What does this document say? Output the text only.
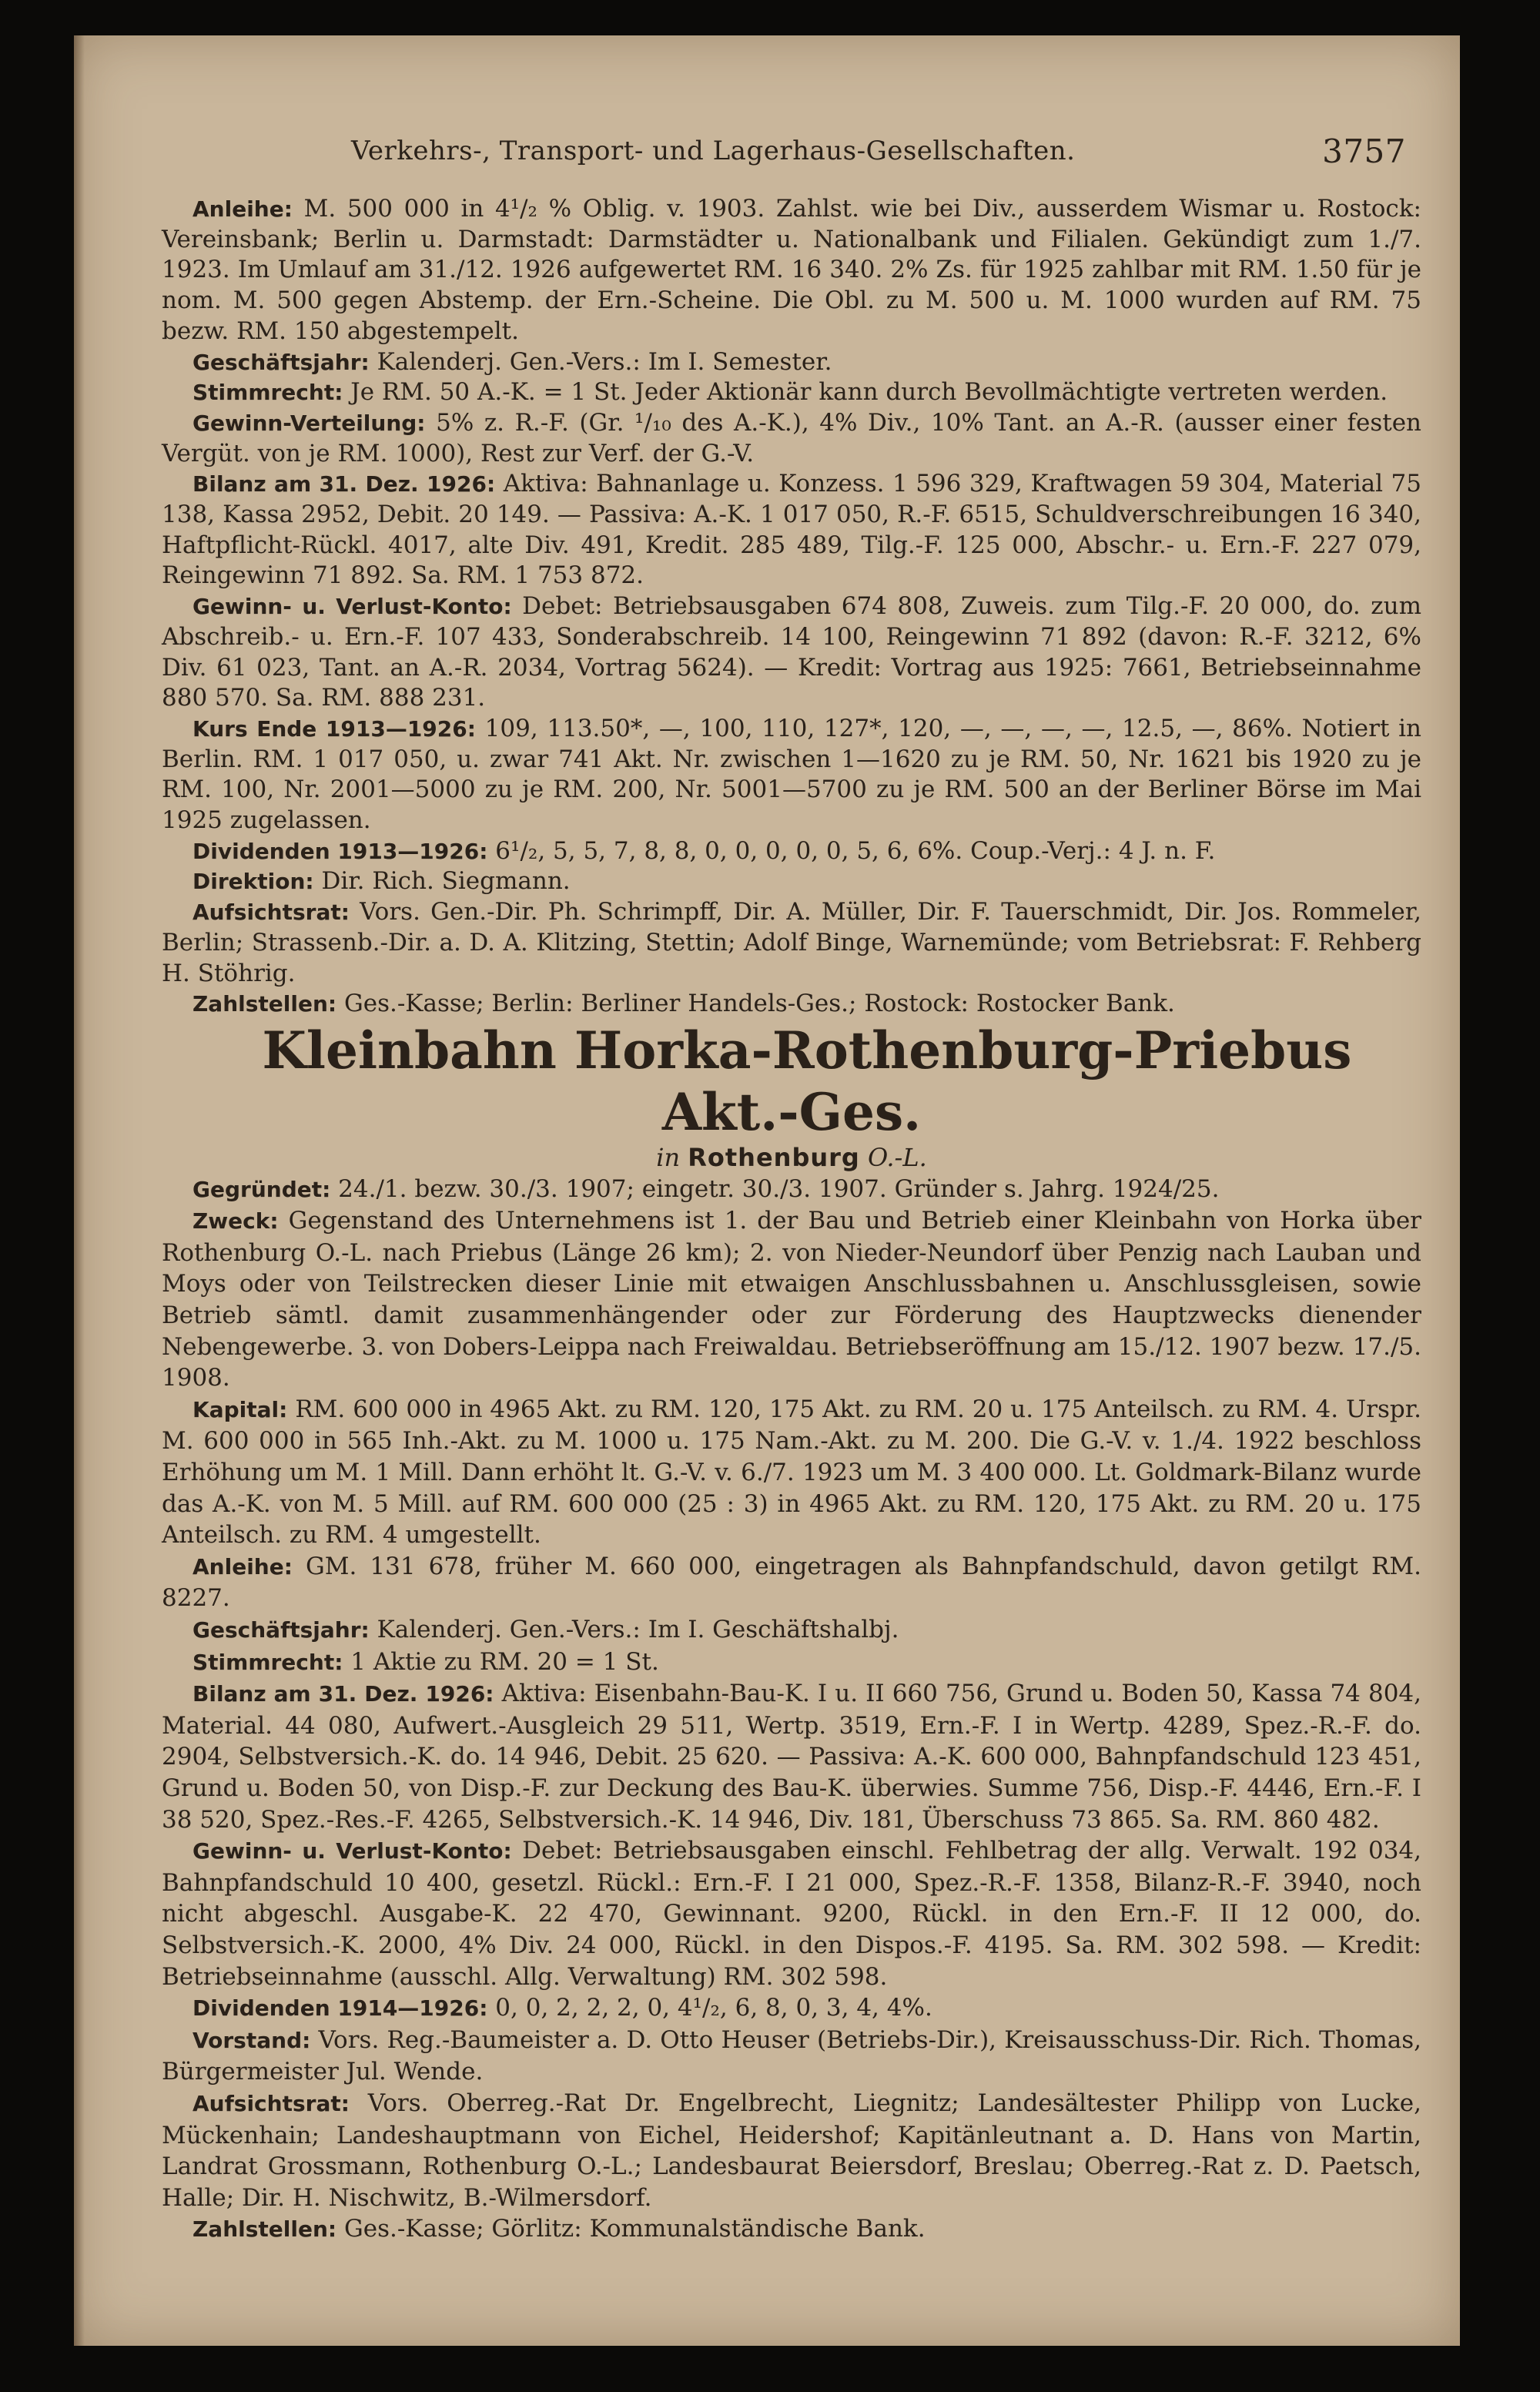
Verkehrs-, Transport- und Lagerhaus-Gesellschaften.	3757

Anleihe: M. 500 000 in 4¹/₂ % Oblig. v. 1903. Zahlst. wie bei Div., ausserdem Wismar u. Rostock: Vereinsbank; Berlin u. Darmstadt: Darmstädter u. Nationalbank und Filialen. Gekündigt zum 1./7. 1923. Im Umlauf am 31./12. 1926 aufgewertet RM. 16 340. 2% Zs. für 1925 zahlbar mit RM. 1.50 für je nom. M. 500 gegen Abstemp. der Ern.-Scheine. Die Obl. zu M. 500 u. M. 1000 wurden auf RM. 75 bezw. RM. 150 abgestempelt.

Geschäftsjahr: Kalenderj. Gen.-Vers.: Im I. Semester.

Stimmrecht: Je RM. 50 A.-K. = 1 St. Jeder Aktionär kann durch Bevollmächtigte vertreten werden.

Gewinn-Verteilung: 5% z. R.-F. (Gr. ¹/₁₀ des A.-K.), 4% Div., 10% Tant. an A.-R. (ausser einer festen Vergüt. von je RM. 1000), Rest zur Verf. der G.-V.

Bilanz am 31. Dez. 1926: Aktiva: Bahnanlage u. Konzess. 1 596 329, Kraftwagen 59 304, Material 75 138, Kassa 2952, Debit. 20 149. — Passiva: A.-K. 1 017 050, R.-F. 6515, Schuldverschreibungen 16 340, Haftpflicht-Rückl. 4017, alte Div. 491, Kredit. 285 489, Tilg.-F. 125 000, Abschr.- u. Ern.-F. 227 079, Reingewinn 71 892. Sa. RM. 1 753 872.

Gewinn- u. Verlust-Konto: Debet: Betriebsausgaben 674 808, Zuweis. zum Tilg.-F. 20 000, do. zum Abschreib.- u. Ern.-F. 107 433, Sonderabschreib. 14 100, Reingewinn 71 892 (davon: R.-F. 3212, 6% Div. 61 023, Tant. an A.-R. 2034, Vortrag 5624). — Kredit: Vortrag aus 1925: 7661, Betriebseinnahme 880 570. Sa. RM. 888 231.

Kurs Ende 1913—1926: 109, 113.50*, —, 100, 110, 127*, 120, —, —, —, —, 12.5, —, 86%. Notiert in Berlin. RM. 1 017 050, u. zwar 741 Akt. Nr. zwischen 1—1620 zu je RM. 50, Nr. 1621 bis 1920 zu je RM. 100, Nr. 2001—5000 zu je RM. 200, Nr. 5001—5700 zu je RM. 500 an der Berliner Börse im Mai 1925 zugelassen.

Dividenden 1913—1926: 6¹/₂, 5, 5, 7, 8, 8, 0, 0, 0, 0, 0, 5, 6, 6%. Coup.-Verj.: 4 J. n. F.

Direktion: Dir. Rich. Siegmann.

Aufsichtsrat: Vors. Gen.-Dir. Ph. Schrimpff, Dir. A. Müller, Dir. F. Tauerschmidt, Dir. Jos. Rommeler, Berlin; Strassenb.-Dir. a. D. A. Klitzing, Stettin; Adolf Binge, Warnemünde; vom Betriebsrat: F. Rehberg H. Stöhrig.

Zahlstellen: Ges.-Kasse; Berlin: Berliner Handels-Ges.; Rostock: Rostocker Bank.

Kleinbahn Horka-Rothenburg-Priebus Akt.-Ges.

in Rothenburg O.-L.

Gegründet: 24./1. bezw. 30./3. 1907; eingetr. 30./3. 1907. Gründer s. Jahrg. 1924/25.

Zweck: Gegenstand des Unternehmens ist 1. der Bau und Betrieb einer Kleinbahn von Horka über Rothenburg O.-L. nach Priebus (Länge 26 km); 2. von Nieder-Neundorf über Penzig nach Lauban und Moys oder von Teilstrecken dieser Linie mit etwaigen Anschlussbahnen u. Anschlussgleisen, sowie Betrieb sämtl. damit zusammenhängender oder zur Förderung des Hauptzwecks dienender Nebengewerbe. 3. von Dobers-Leippa nach Freiwaldau. Betriebseröffnung am 15./12. 1907 bezw. 17./5. 1908.

Kapital: RM. 600 000 in 4965 Akt. zu RM. 120, 175 Akt. zu RM. 20 u. 175 Anteilsch. zu RM. 4. Urspr. M. 600 000 in 565 Inh.-Akt. zu M. 1000 u. 175 Nam.-Akt. zu M. 200. Die G.-V. v. 1./4. 1922 beschloss Erhöhung um M. 1 Mill. Dann erhöht lt. G.-V. v. 6./7. 1923 um M. 3 400 000. Lt. Goldmark-Bilanz wurde das A.-K. von M. 5 Mill. auf RM. 600 000 (25 : 3) in 4965 Akt. zu RM. 120, 175 Akt. zu RM. 20 u. 175 Anteilsch. zu RM. 4 umgestellt.

Anleihe: GM. 131 678, früher M. 660 000, eingetragen als Bahnpfandschuld, davon getilgt RM. 8227.

Geschäftsjahr: Kalenderj. Gen.-Vers.: Im I. Geschäftshalbj.

Stimmrecht: 1 Aktie zu RM. 20 = 1 St.

Bilanz am 31. Dez. 1926: Aktiva: Eisenbahn-Bau-K. I u. II 660 756, Grund u. Boden 50, Kassa 74 804, Material. 44 080, Aufwert.-Ausgleich 29 511, Wertp. 3519, Ern.-F. I in Wertp. 4289, Spez.-R.-F. do. 2904, Selbstversich.-K. do. 14 946, Debit. 25 620. — Passiva: A.-K. 600 000, Bahnpfandschuld 123 451, Grund u. Boden 50, von Disp.-F. zur Deckung des Bau-K. überwies. Summe 756, Disp.-F. 4446, Ern.-F. I 38 520, Spez.-Res.-F. 4265, Selbstversich.-K. 14 946, Div. 181, Überschuss 73 865. Sa. RM. 860 482.

Gewinn- u. Verlust-Konto: Debet: Betriebsausgaben einschl. Fehlbetrag der allg. Verwalt. 192 034, Bahnpfandschuld 10 400, gesetzl. Rückl.: Ern.-F. I 21 000, Spez.-R.-F. 1358, Bilanz-R.-F. 3940, noch nicht abgeschl. Ausgabe-K. 22 470, Gewinnant. 9200, Rückl. in den Ern.-F. II 12 000, do. Selbstversich.-K. 2000, 4% Div. 24 000, Rückl. in den Dispos.-F. 4195. Sa. RM. 302 598. — Kredit: Betriebseinnahme (ausschl. Allg. Verwaltung) RM. 302 598.

Dividenden 1914—1926: 0, 0, 2, 2, 2, 0, 4¹/₂, 6, 8, 0, 3, 4, 4%.

Vorstand: Vors. Reg.-Baumeister a. D. Otto Heuser (Betriebs-Dir.), Kreisausschuss-Dir. Rich. Thomas, Bürgermeister Jul. Wende.

Aufsichtsrat: Vors. Oberreg.-Rat Dr. Engelbrecht, Liegnitz; Landesältester Philipp von Lucke, Mückenhain; Landeshauptmann von Eichel, Heidershof; Kapitänleutnant a. D. Hans von Martin, Landrat Grossmann, Rothenburg O.-L.; Landesbaurat Beiersdorf, Breslau; Oberreg.-Rat z. D. Paetsch, Halle; Dir. H. Nischwitz, B.-Wilmersdorf.

Zahlstellen: Ges.-Kasse; Görlitz: Kommunalständische Bank.
